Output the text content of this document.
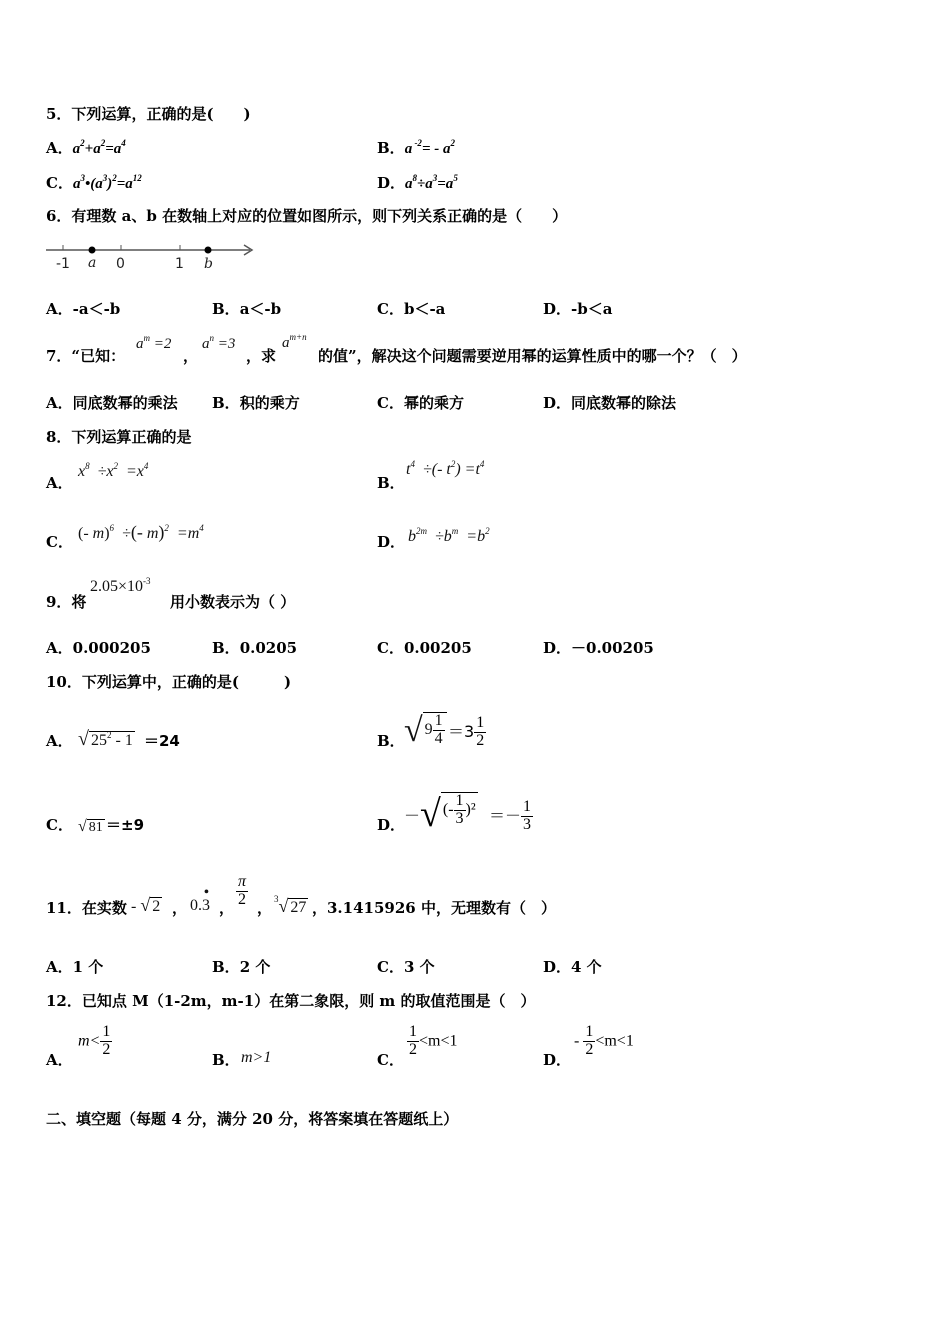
5．下列运算，正确的是(　　)
A．$a^2+a^2=a^4$	B．a $^{-2}= - a^2$
C．$a^3•(a^3)^2=a^{12}$	D．$a^8\div a^3=a^5$
6．有理数 a、b 在数轴上对应的位置如图所示，则下列关系正确的是（　　）
-1 a 0	1 b
A．-a＜-b	B．a＜-b	C．b＜-a	D．-b＜a
7．“已知：
$a^m =2$
，
$a^n =3$
，求
$a^{m+n}$
的值”，解决这个问题需要逆用幂的运算性质中的哪一个？（　）
A．同底数幂的乘法 B．积的乘方	C．幂的乘方	D．同底数幂的除法
8．下列运算正确的是
A．
$x^8 \div x^2 =x^4$
B．
$t^4$  ÷(- $t^2) =t^4$
C． (- m)$^6$  ÷(- $m)^2 =m^4$
D． $b^{2m} \div b^m =b^2$
9．将
$2.05\times 10^{-3}$
用小数表示为（ ）
A．0.000205	B．0.0205	C．0.00205	D．－0.00205
10．下列运算中，正确的是(　　　)
A． √ $25^2 - 1 =24$	B． √ $9 \frac{1}{4} =3 \frac{1}{2}$
C． √ 81 ＝±9	D．
－√ (- $\frac{1}{3} )^2 =- \frac{1}{3}$
11．在实数 - √ 2 ， 0.3
•
， $\frac{\pi}{2}$ ， $^3$√ 27 ，3.1415926 中，无理数有（　）
A．1 个	B．2 个	C．3 个	D．4 个
12．已知点 M（1-2m，m-1）在第二象限，则 m 的取值范围是（　）
A．
$m< \frac{1}{2}$
B． m>1	C．
$\frac{1}{2} <m<1$
D．
- $\frac{1}{2} <m<1$
二、填空题（每题 4 分，满分 20 分，将答案填在答题纸上）
